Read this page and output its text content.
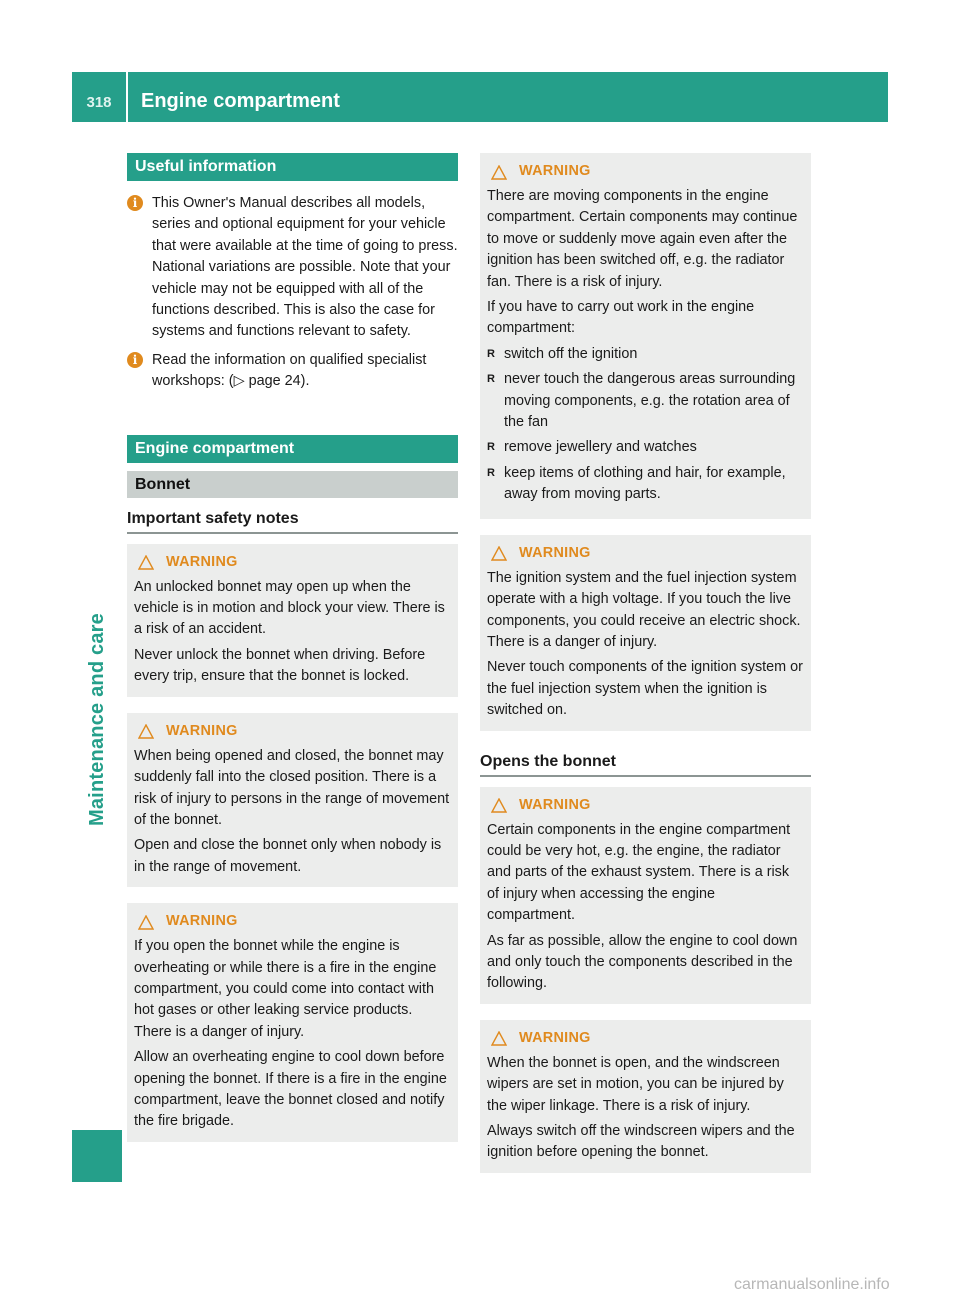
318	Engine compartment
Maintenance and care
Useful information
i	This Owner's Manual describes all models, series and optional equipment for your vehicle that were available at the time of going to press. National variations are possible. Note that your vehicle may not be equipped with all of the functions described. This is also the case for systems and functions relevant to safety.
i	Read the information on qualified specialist workshops: (▷ page 24).
Engine compartment
Bonnet
Important safety notes
WARNING

An unlocked bonnet may open up when the vehicle is in motion and block your view. There is a risk of an accident.

Never unlock the bonnet when driving. Before every trip, ensure that the bonnet is locked.

WARNING

When being opened and closed, the bonnet may suddenly fall into the closed position. There is a risk of injury to persons in the range of movement of the bonnet.

Open and close the bonnet only when nobody is in the range of movement.

WARNING

If you open the bonnet while the engine is overheating or while there is a fire in the engine compartment, you could come into contact with hot gases or other leaking service products. There is a danger of injury.

Allow an overheating engine to cool down before opening the bonnet. If there is a fire in the engine compartment, leave the bonnet closed and notify the fire brigade.

WARNING

There are moving components in the engine compartment. Certain components may continue to move or suddenly move again even after the ignition has been switched off, e.g. the radiator fan. There is a risk of injury.

If you have to carry out work in the engine compartment:

R switch off the ignition
R never touch the dangerous areas surrounding moving components, e.g. the rotation area of the fan
R remove jewellery and watches
R keep items of clothing and hair, for example, away from moving parts.
WARNING

The ignition system and the fuel injection system operate with a high voltage. If you touch the live components, you could receive an electric shock. There is a danger of injury.

Never touch components of the ignition system or the fuel injection system when the ignition is switched on.

Opens the bonnet
WARNING

Certain components in the engine compartment could be very hot, e.g. the engine, the radiator and parts of the exhaust system. There is a risk of injury when accessing the engine compartment.

As far as possible, allow the engine to cool down and only touch the components described in the following.

WARNING

When the bonnet is open, and the windscreen wipers are set in motion, you can be injured by the wiper linkage. There is a risk of injury.

Always switch off the windscreen wipers and the ignition before opening the bonnet.

carmanualsonline.info
